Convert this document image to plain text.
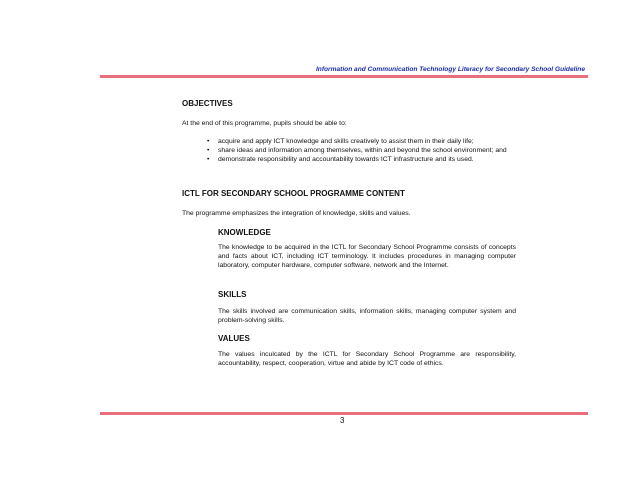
Information and Communication Technology Literacy for Secondary School Guideline
OBJECTIVES
At the end of this programme, pupils should be able to:
• acquire and apply ICT knowledge and skills creatively to assist them in their daily life;
• share ideas and information among themselves, within and beyond the school environment; and
• demonstrate responsibility and accountability towards ICT infrastructure and its used.
ICTL FOR SECONDARY SCHOOL PROGRAMME CONTENT
The programme emphasizes the integration of knowledge, skills and values.
KNOWLEDGE
The knowledge to be acquired in the ICTL for Secondary School Programme consists of concepts and facts about ICT, including ICT terminology. It includes procedures in managing computer laboratory, computer hardware, computer software, network and the Internet.
SKILLS
The skills involved are communication skills, information skills, managing computer system and problem-solving skills.
VALUES
The values inculcated by the ICTL for Secondary School Programme are responsibility, accountability, respect, cooperation, virtue and abide by ICT code of ethics.
3
